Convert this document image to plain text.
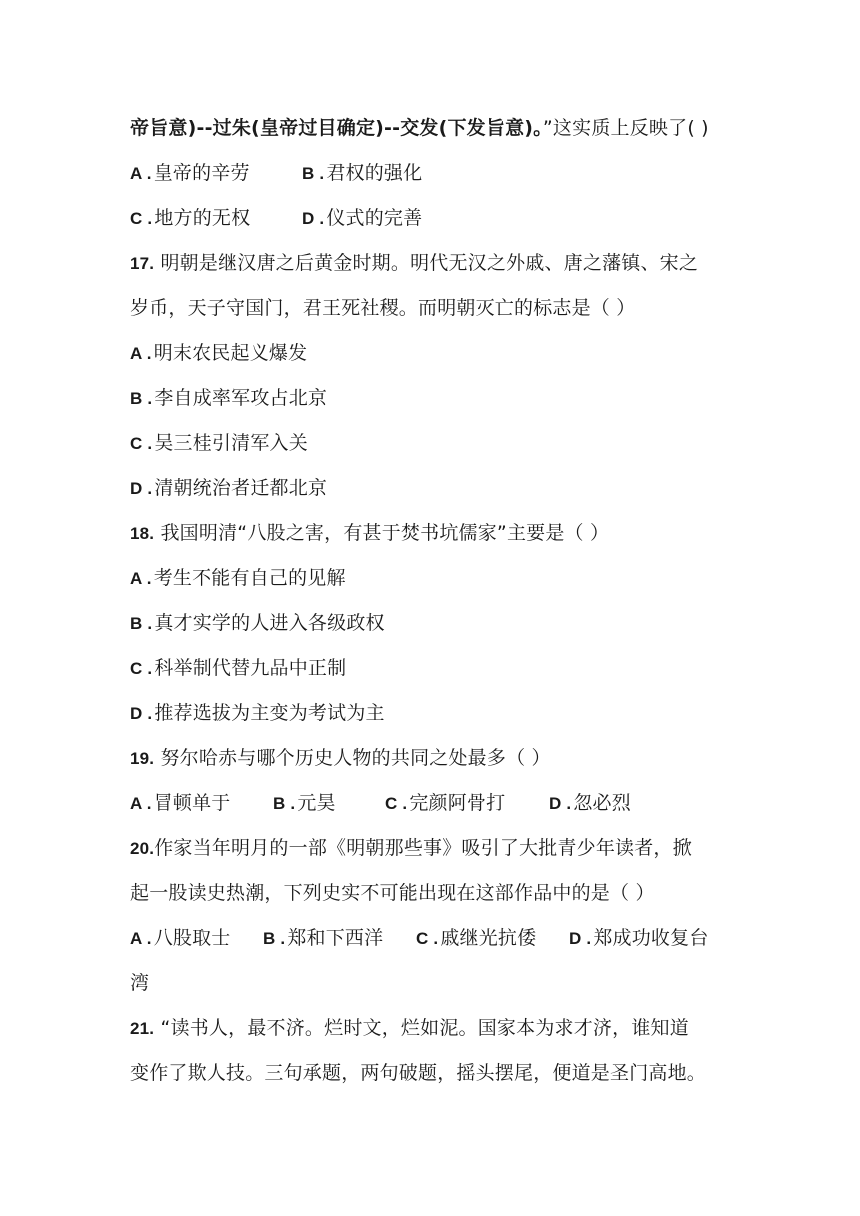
帝旨意)--过朱(皇帝过目确定)--交发(下发旨意)。”这实质上反映了( )
A . 皇帝的辛劳	B . 君权的强化
C . 地方的无权	D . 仪式的完善
17. 明朝是继汉唐之后黄金时期。明代无汉之外戚、唐之藩镇、宋之
岁币，天子守国门，君王死社稷。而明朝灭亡的标志是（ ）
A . 明末农民起义爆发
B . 李自成率军攻占北京
C . 吴三桂引清军入关
D . 清朝统治者迁都北京
18. 我国明清“八股之害，有甚于焚书坑儒家”主要是（ ）
A . 考生不能有自己的见解
B . 真才实学的人进入各级政权
C . 科举制代替九品中正制
D . 推荐选拔为主变为考试为主
19. 努尔哈赤与哪个历史人物的共同之处最多（ ）
A . 冒顿单于	B . 元昊	C . 完颜阿骨打	D . 忽必烈
20.作家当年明月的一部《明朝那些事》吸引了大批青少年读者，掀
起一股读史热潮，下列史实不可能出现在这部作品中的是（ ）
A . 八股取士	B . 郑和下西洋	C . 戚继光抗倭	D . 郑成功收复台
湾
21. “读书人，最不济。烂时文，烂如泥。国家本为求才济，谁知道
变作了欺人技。三句承题，两句破题，摇头摆尾，便道是圣门高地。
